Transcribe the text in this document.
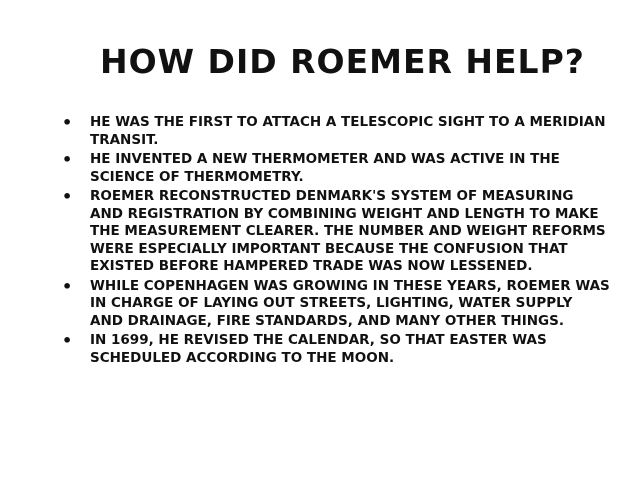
HOW DID ROEMER HELP?
• HE WAS THE FIRST TO ATTACH A TELESCOPIC SIGHT TO A MERIDIAN TRANSIT.
• HE INVENTED A NEW THERMOMETER AND WAS ACTIVE IN THE SCIENCE OF THERMOMETRY.
• ROEMER RECONSTRUCTED DENMARK'S SYSTEM OF MEASURING AND REGISTRATION BY COMBINING WEIGHT AND LENGTH TO MAKE THE MEASUREMENT CLEARER. THE NUMBER AND WEIGHT REFORMS WERE ESPECIALLY IMPORTANT BECAUSE THE CONFUSION THAT EXISTED BEFORE HAMPERED TRADE WAS NOW LESSENED.
• WHILE COPENHAGEN WAS GROWING IN THESE YEARS, ROEMER WAS IN CHARGE OF LAYING OUT STREETS, LIGHTING, WATER SUPPLY AND DRAINAGE, FIRE STANDARDS, AND MANY OTHER THINGS.
• IN 1699, HE REVISED THE CALENDAR, SO THAT EASTER WAS SCHEDULED ACCORDING TO THE MOON.
